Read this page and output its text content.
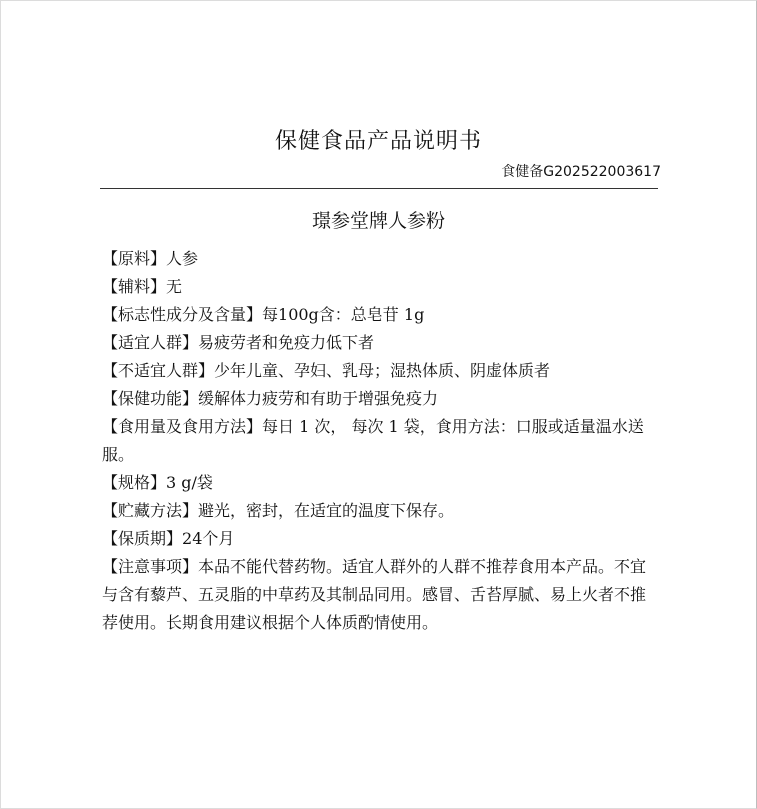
保健食品产品说明书
食健备G202522003617
璟参堂牌人参粉

【原料】人参

【辅料】无

【标志性成分及含量】每100g含：总皂苷 1g

【适宜人群】易疲劳者和免疫力低下者

【不适宜人群】少年儿童、孕妇、乳母；湿热体质、阴虚体质者

【保健功能】缓解体力疲劳和有助于增强免疫力

【食用量及食用方法】每日 1 次， 每次 1 袋，食用方法：口服或适量温水送服。

【规格】3 g/袋

【贮藏方法】避光，密封，在适宜的温度下保存。

【保质期】24个月

【注意事项】本品不能代替药物。适宜人群外的人群不推荐食用本产品。不宜与含有藜芦、五灵脂的中草药及其制品同用。感冒、舌苔厚腻、易上火者不推荐使用。长期食用建议根据个人体质酌情使用。
